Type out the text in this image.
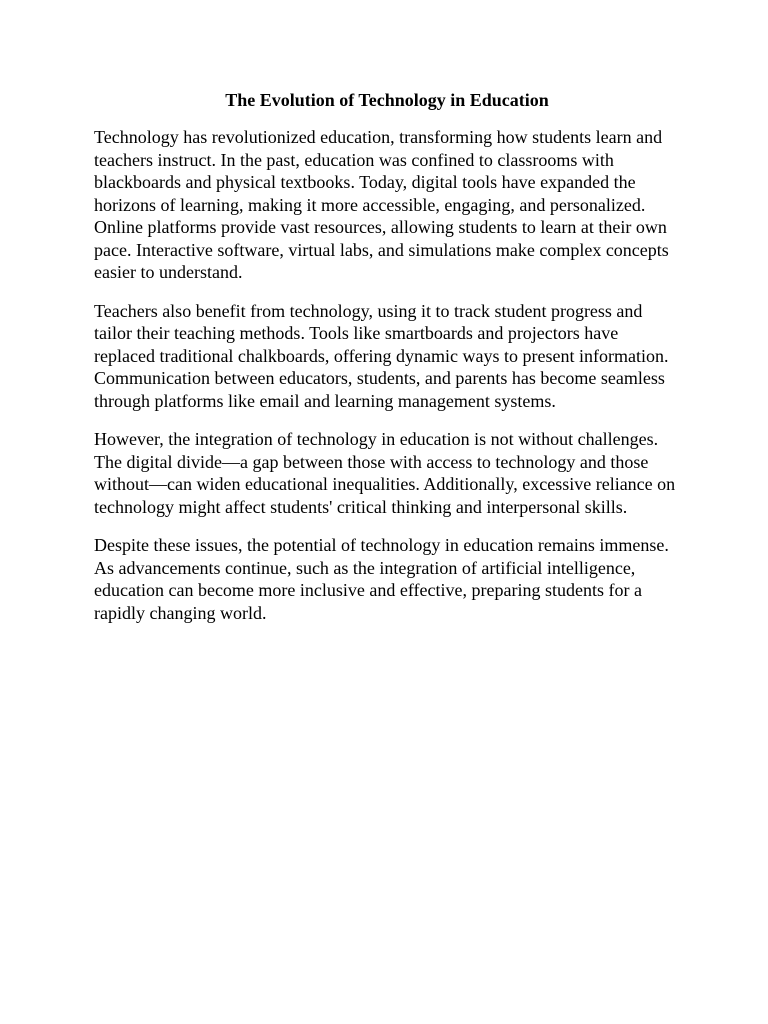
The Evolution of Technology in Education

Technology has revolutionized education, transforming how students learn and teachers instruct. In the past, education was confined to classrooms with blackboards and physical textbooks. Today, digital tools have expanded the horizons of learning, making it more accessible, engaging, and personalized. Online platforms provide vast resources, allowing students to learn at their own pace. Interactive software, virtual labs, and simulations make complex concepts easier to understand.

Teachers also benefit from technology, using it to track student progress and tailor their teaching methods. Tools like smartboards and projectors have replaced traditional chalkboards, offering dynamic ways to present information. Communication between educators, students, and parents has become seamless through platforms like email and learning management systems.

However, the integration of technology in education is not without challenges. The digital divide—a gap between those with access to technology and those without—can widen educational inequalities. Additionally, excessive reliance on technology might affect students' critical thinking and interpersonal skills.

Despite these issues, the potential of technology in education remains immense. As advancements continue, such as the integration of artificial intelligence, education can become more inclusive and effective, preparing students for a rapidly changing world.
